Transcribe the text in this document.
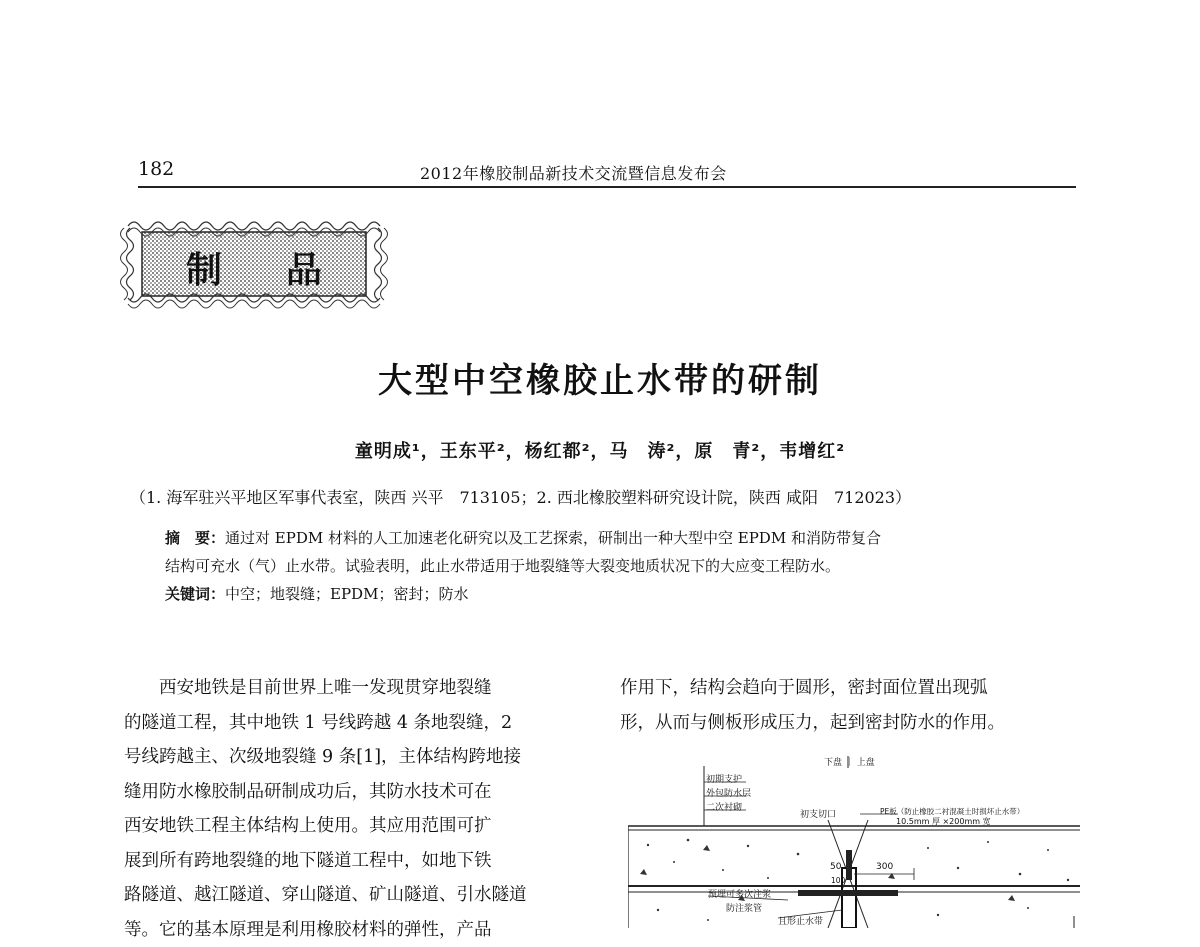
182	2012年橡胶制品新技术交流暨信息发布会
制 品
大型中空橡胶止水带的研制
童明成¹，王东平²，杨红都²，马　涛²，原　青²，韦增红²
（1. 海军驻兴平地区军事代表室，陕西 兴平　713105；2. 西北橡胶塑料研究设计院，陕西 咸阳　712023）
摘　要：通过对 EPDM 材料的人工加速老化研究以及工艺探索，研制出一种大型中空 EPDM 和消防带复合
结构可充水（气）止水带。试验表明，此止水带适用于地裂缝等大裂变地质状况下的大应变工程防水。
关键词：中空；地裂缝；EPDM；密封；防水
　　西安地铁是目前世界上唯一发现贯穿地裂缝
的隧道工程，其中地铁 1 号线跨越 4 条地裂缝，2
号线跨越主、次级地裂缝 9 条[1]，主体结构跨地接
缝用防水橡胶制品研制成功后，其防水技术可在
西安地铁工程主体结构上使用。其应用范围可扩
展到所有跨地裂缝的地下隧道工程中，如地下铁
路隧道、越江隧道、穿山隧道、矿山隧道、引水隧道
等。它的基本原理是利用橡胶材料的弹性，产品
作用下，结构会趋向于圆形，密封面位置出现弧
形，从而与侧板形成压力，起到密封防水的作用。
下盘 ｜ 上盘
初期支护
外包防水层
二次衬砌
初支切口	PE板（防止橡胶二衬混凝土时损坏止水带）
10.5mm 厚 ×200mm 宽
300
50
100
预埋可多次注浆
防注浆管
且形止水带
